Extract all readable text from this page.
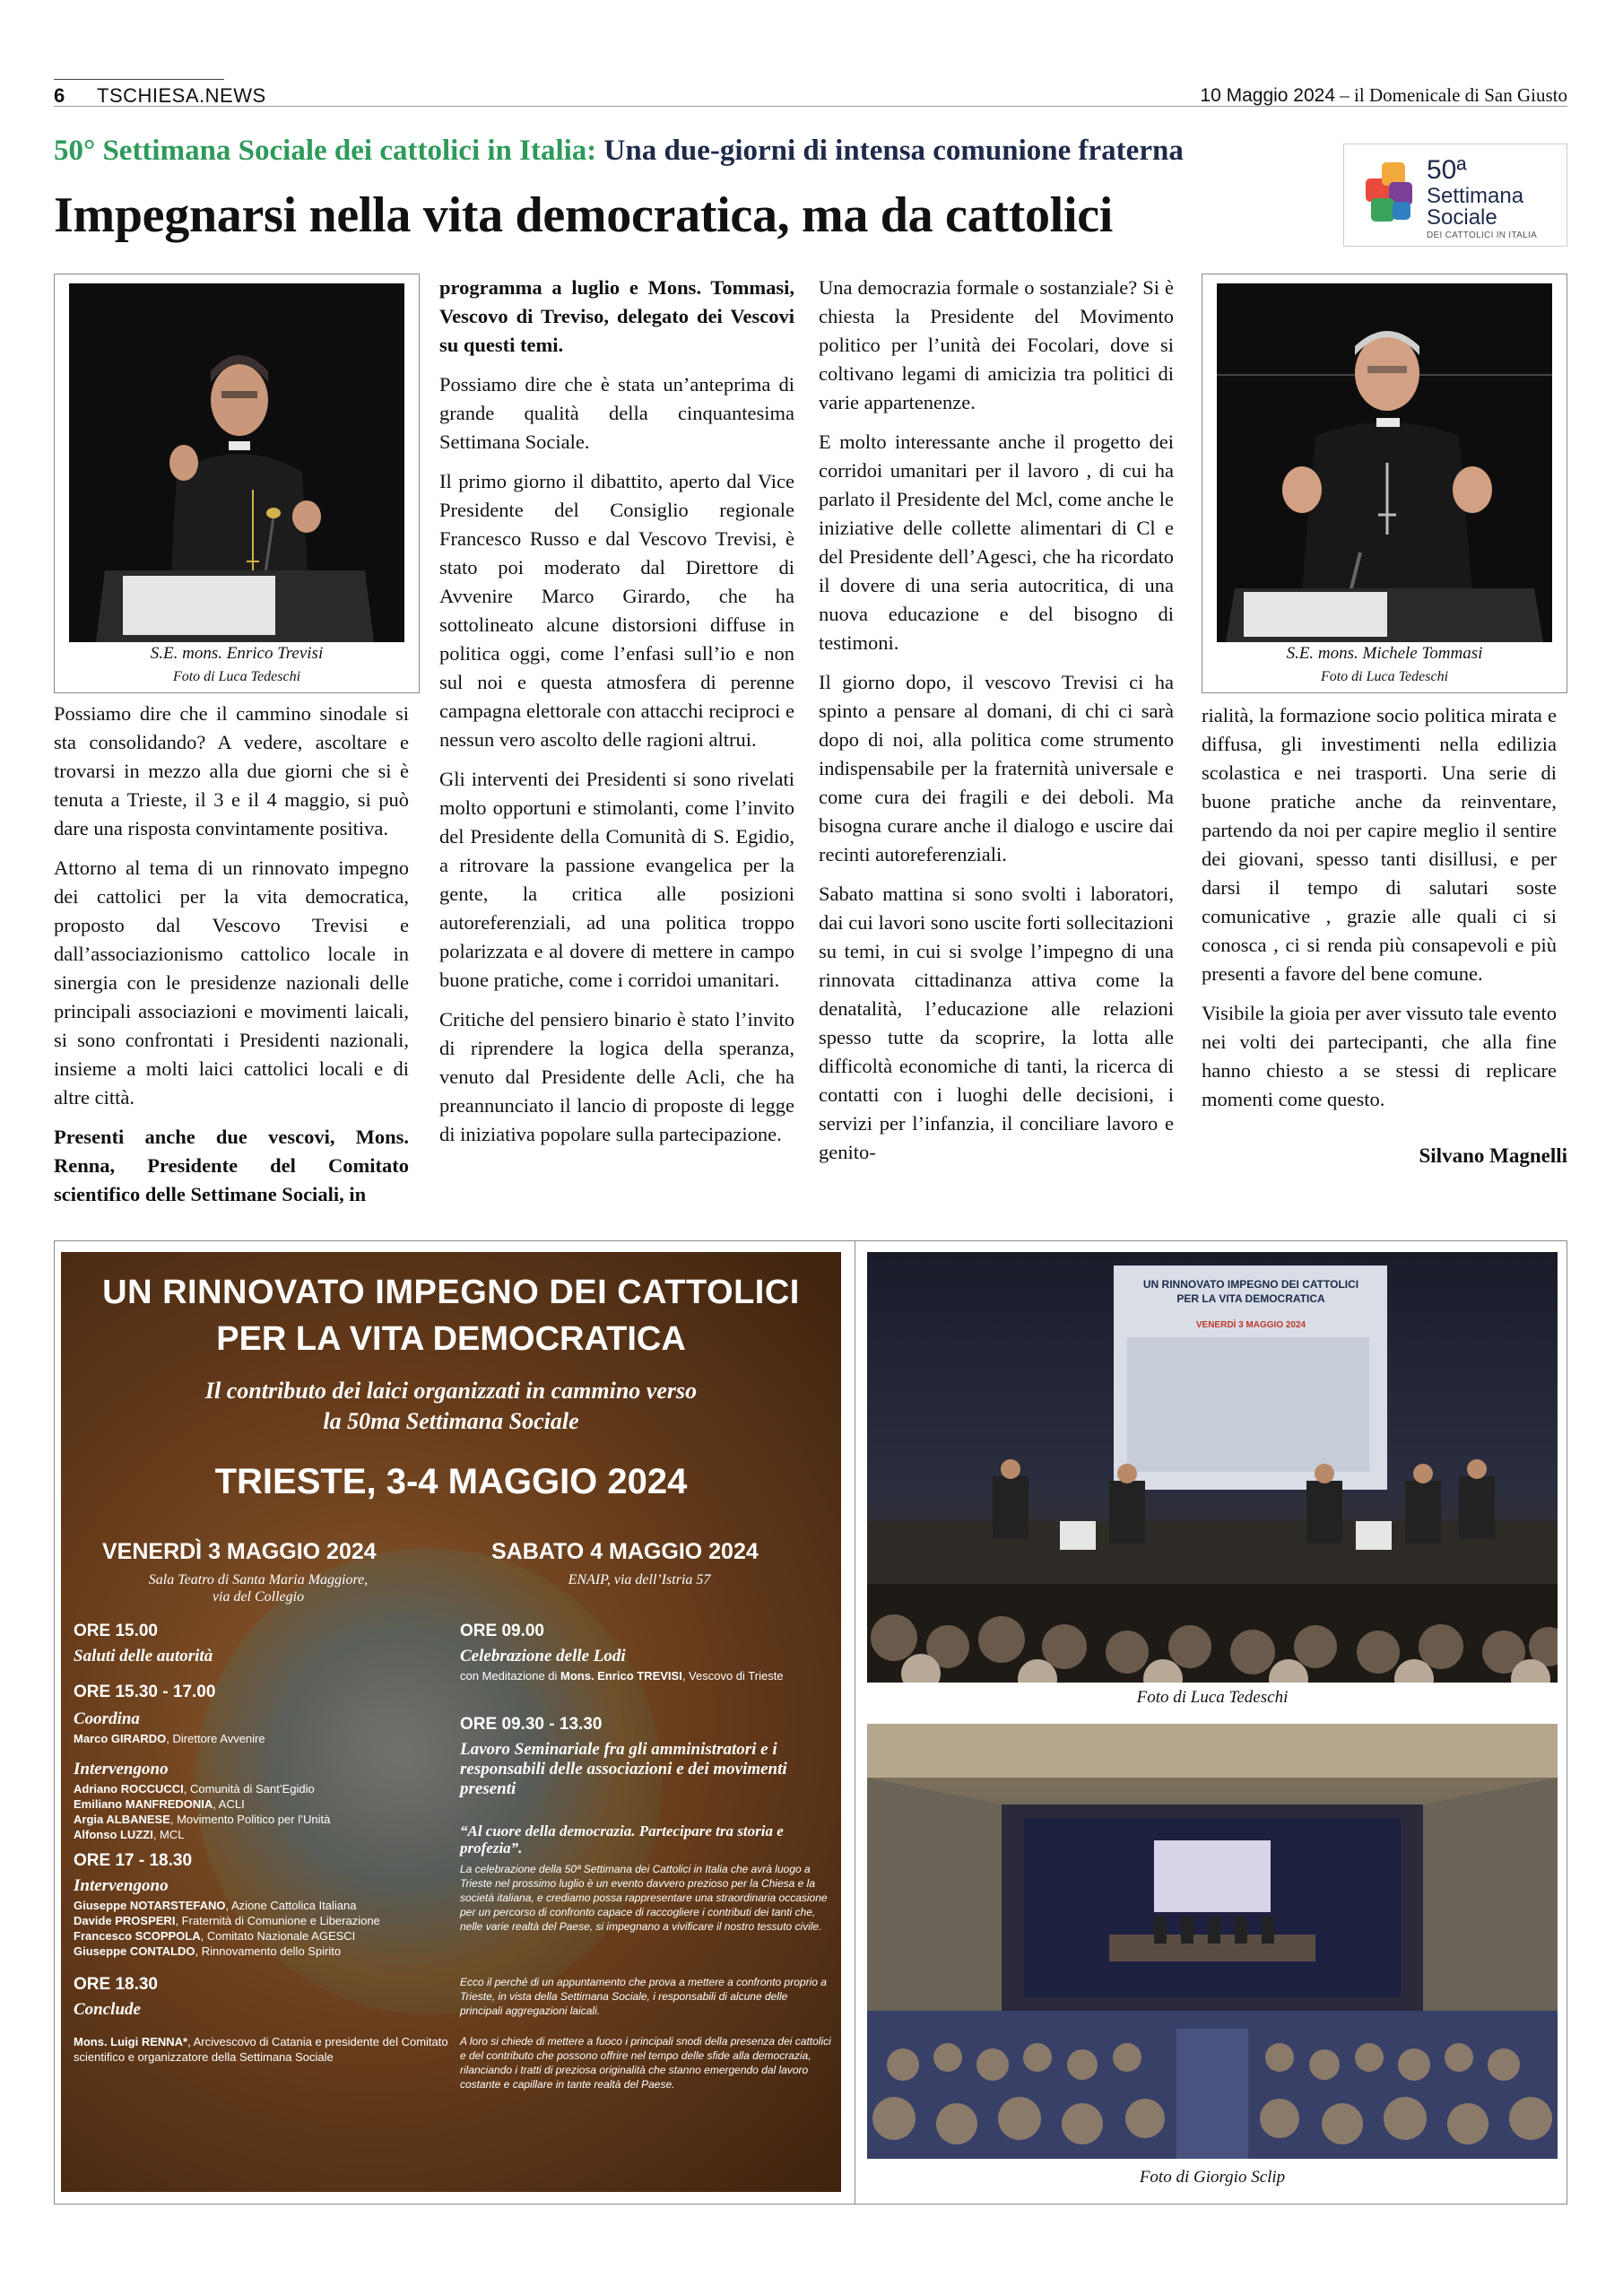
6 TSCHIESA.NEWS	10 Maggio 2024 – il Domenicale di San Giusto
50° Settimana Sociale dei cattolici in Italia: Una due-giorni di intensa comunione fraterna
Impegnarsi nella vita democratica, ma da cattolici
50ª
Settimana
Sociale
DEI CATTOLICI IN ITALIA
S.E. mons. Enrico Trevisi
Foto di Luca Tedeschi
S.E. mons. Michele Tommasi
Foto di Luca Tedeschi

Possiamo dire che il cammino sinodale si sta consolidando? A vedere, ascoltare e trovarsi in mezzo alla due giorni che si è tenuta a Trieste, il 3 e il 4 maggio, si può dare una risposta convintamente positiva.

Attorno al tema di un rinnovato impegno dei cattolici per la vita democratica, proposto dal Vescovo Trevisi e dall’associazionismo cattolico locale in sinergia con le presidenze nazionali delle principali associazioni e movimenti laicali, si sono confrontati i Presidenti nazionali, insieme a molti laici cattolici locali e di altre città.

Presenti anche due vescovi, Mons. Renna, Presidente del Comitato scientifico delle Settimane Sociali, in

programma a luglio e Mons. Tommasi, Vescovo di Treviso, delegato dei Vescovi su questi temi.

Possiamo dire che è stata un’anteprima di grande qualità della cinquantesima Settimana Sociale.

Il primo giorno il dibattito, aperto dal Vice Presidente del Consiglio regionale Francesco Russo e dal Vescovo Trevisi, è stato poi moderato dal Direttore di Avvenire Marco Girardo, che ha sottolineato alcune distorsioni diffuse in politica oggi, come l’enfasi sull’io e non sul noi e questa atmosfera di perenne campagna elettorale con attacchi reciproci e nessun vero ascolto delle ragioni altrui.

Gli interventi dei Presidenti si sono rivelati molto opportuni e stimolanti, come l’invito del Presidente della Comunità di S. Egidio, a ritrovare la passione evangelica per la gente, la critica alle posizioni autoreferenziali, ad una politica troppo polarizzata e al dovere di mettere in campo buone pratiche, come i corridoi umanitari.

Critiche del pensiero binario è stato l’invito di riprendere la logica della speranza, venuto dal Presidente delle Acli, che ha preannunciato il lancio di proposte di legge di iniziativa popolare sulla partecipazione.

Una democrazia formale o sostanziale? Si è chiesta la Presidente del Movimento politico per l’unità dei Focolari, dove si coltivano legami di amicizia tra politici di varie appartenenze.

E molto interessante anche il progetto dei corridoi umanitari per il lavoro , di cui ha parlato il Presidente del Mcl, come anche le iniziative delle collette alimentari di Cl e del Presidente dell’Agesci, che ha ricordato il dovere di una seria autocritica, di una nuova educazione e del bisogno di testimoni.

Il giorno dopo, il vescovo Trevisi ci ha spinto a pensare al domani, di chi ci sarà dopo di noi, alla politica come strumento indispensabile per la fraternità universale e come cura dei fragili e dei deboli. Ma bisogna curare anche il dialogo e uscire dai recinti autoreferenziali.

Sabato mattina si sono svolti i laboratori, dai cui lavori sono uscite forti sollecitazioni su temi, in cui si svolge l’impegno di una rinnovata cittadinanza attiva come la denatalità, l’educazione alle relazioni spesso tutte da scoprire, la lotta alle difficoltà economiche di tanti, la ricerca di contatti con i luoghi delle decisioni, i servizi per l’infanzia, il conciliare lavoro e genito-

rialità, la formazione socio politica mirata e diffusa, gli investimenti nella edilizia scolastica e nei trasporti. Una serie di buone pratiche anche da reinventare, partendo da noi per capire meglio il sentire dei giovani, spesso tanti disillusi, e per darsi il tempo di salutari soste comunicative , grazie alle quali ci si conosca , ci si renda più consapevoli e più presenti a favore del bene comune.

Visibile la gioia per aver vissuto tale evento nei volti dei partecipanti, che alla fine hanno chiesto a se stessi di replicare momenti come questo.

Silvano Magnelli
UN RINNOVATO IMPEGNO DEI CATTOLICI
PER LA VITA DEMOCRATICA
Il contributo dei laici organizzati in cammino verso
la 50ma Settimana Sociale
TRIESTE, 3-4 MAGGIO 2024
VENERDÌ 3 MAGGIO 2024
Sala Teatro di Santa Maria Maggiore,
via del Collegio
ORE 15.00
Saluti delle autorità
ORE 15.30 - 17.00
Coordina
Marco GIRARDO, Direttore Avvenire
Intervengono
Adriano ROCCUCCI, Comunità di Sant’Egidio
Emiliano MANFREDONIA, ACLI
Argia ALBANESE, Movimento Politico per l’Unità
Alfonso LUZZI, MCL
ORE 17 - 18.30
Intervengono
Giuseppe NOTARSTEFANO, Azione Cattolica Italiana
Davide PROSPERI, Fraternità di Comunione e Liberazione
Francesco SCOPPOLA, Comitato Nazionale AGESCI
Giuseppe CONTALDO, Rinnovamento dello Spirito
ORE 18.30
Conclude
Mons. Luigi RENNA*, Arcivescovo di Catania e presidente del Comitato scientifico e organizzatore della Settimana Sociale
SABATO 4 MAGGIO 2024
ENAIP, via dell’Istria 57
ORE 09.00
Celebrazione delle Lodi
con Meditazione di Mons. Enrico TREVISI, Vescovo di Trieste
ORE 09.30 - 13.30
Lavoro Seminariale fra gli amministratori e i responsabili delle associazioni e dei movimenti presenti
“Al cuore della democrazia. Partecipare tra storia e profezia”.
La celebrazione della 50ª Settimana dei Cattolici in Italia che avrà luogo a Trieste nel prossimo luglio è un evento davvero prezioso per la Chiesa e la società italiana, e crediamo possa rappresentare una straordinaria occasione per un percorso di confronto capace di raccogliere i contributi dei tanti che, nelle varie realtà del Paese, si impegnano a vivificare il nostro tessuto civile.
Ecco il perché di un appuntamento che prova a mettere a confronto proprio a Trieste, in vista della Settimana Sociale, i responsabili di alcune delle principali aggregazioni laicali.
A loro si chiede di mettere a fuoco i principali snodi della presenza dei cattolici e del contributo che possono offrire nel tempo delle sfide alla democrazia, rilanciando i tratti di preziosa originalità che stanno emergendo dal lavoro costante e capillare in tante realtà del Paese.
UN RINNOVATO IMPEGNO DEI CATTOLICI
PER LA VITA DEMOCRATICA
VENERDÌ 3 MAGGIO 2024
Foto di Luca Tedeschi
Foto di Giorgio Sclip
